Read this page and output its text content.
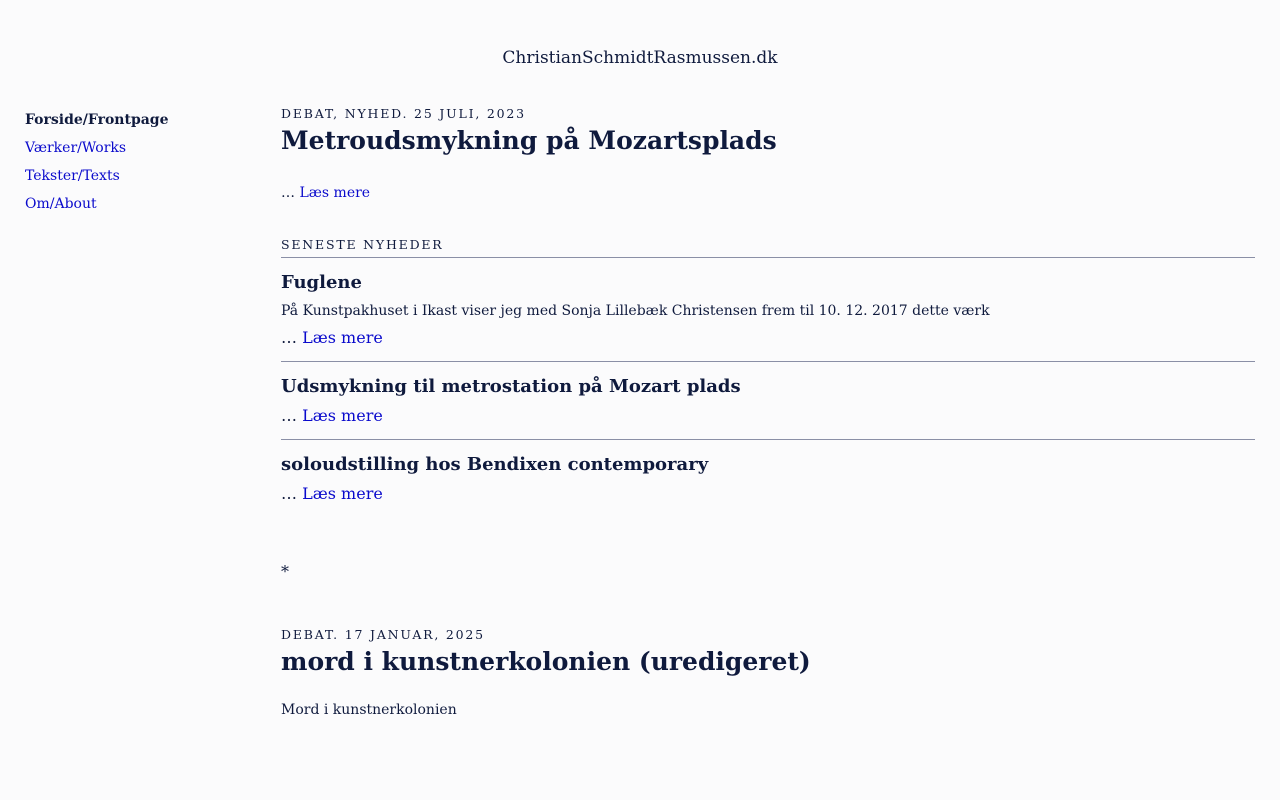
ChristianSchmidtRasmussen.dk
Forside/Frontpage
Værker/Works
Tekster/Texts
Om/About
DEBAT, NYHED. 25 JULI, 2023
Metroudsmykning på Mozartsplads
… Læs mere
SENESTE NYHEDER
Fuglene
På Kunstpakhuset i Ikast viser jeg med Sonja Lillebæk Christensen frem til 10. 12. 2017 dette værk
… Læs mere
Udsmykning til metrostation på Mozart plads
… Læs mere
soloudstilling hos Bendixen contemporary
… Læs mere
*
DEBAT. 17 JANUAR, 2025
mord i kunstnerkolonien (uredigeret)
Mord i kunstnerkolonien
